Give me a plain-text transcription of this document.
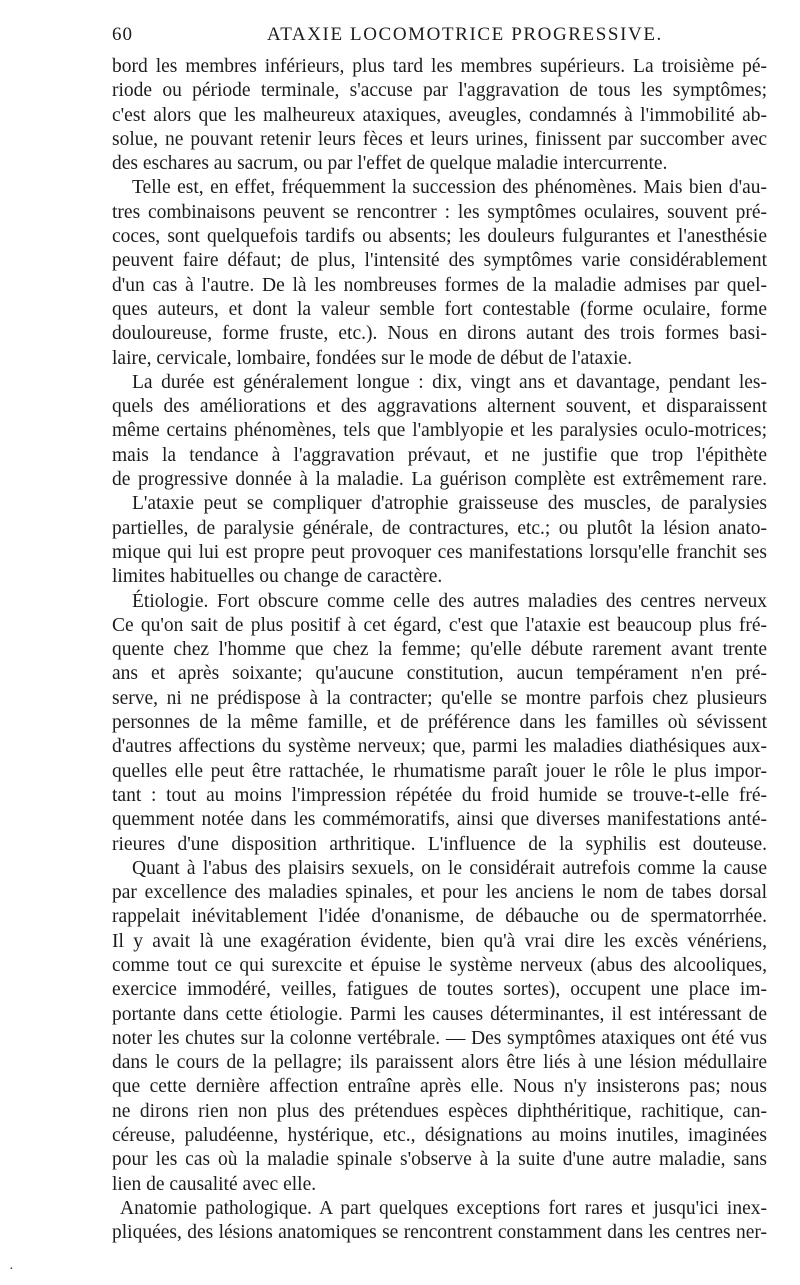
60	ATAXIE LOCOMOTRICE PROGRESSIVE.
bord les membres inférieurs, plus tard les membres supérieurs. La troisième pé-
riode ou période terminale, s'accuse par l'aggravation de tous les symptômes;
c'est alors que les malheureux ataxiques, aveugles, condamnés à l'immobilité ab-
solue, ne pouvant retenir leurs fèces et leurs urines, finissent par succomber avec
des eschares au sacrum, ou par l'effet de quelque maladie intercurrente.
Telle est, en effet, fréquemment la succession des phénomènes. Mais bien d'au-
tres combinaisons peuvent se rencontrer : les symptômes oculaires, souvent pré-
coces, sont quelquefois tardifs ou absents; les douleurs fulgurantes et l'anesthésie
peuvent faire défaut; de plus, l'intensité des symptômes varie considérablement
d'un cas à l'autre. De là les nombreuses formes de la maladie admises par quel-
ques auteurs, et dont la valeur semble fort contestable (forme oculaire, forme
douloureuse, forme fruste, etc.). Nous en dirons autant des trois formes basi-
laire, cervicale, lombaire, fondées sur le mode de début de l'ataxie.
La durée est généralement longue : dix, vingt ans et davantage, pendant les-
quels des améliorations et des aggravations alternent souvent, et disparaissent
même certains phénomènes, tels que l'amblyopie et les paralysies oculo-motrices;
mais la tendance à l'aggravation prévaut, et ne justifie que trop l'épithète
de progressive donnée à la maladie. La guérison complète est extrêmement rare.
L'ataxie peut se compliquer d'atrophie graisseuse des muscles, de paralysies
partielles, de paralysie générale, de contractures, etc.; ou plutôt la lésion anato-
mique qui lui est propre peut provoquer ces manifestations lorsqu'elle franchit ses
limites habituelles ou change de caractère.
Étiologie. Fort obscure comme celle des autres maladies des centres nerveux
Ce qu'on sait de plus positif à cet égard, c'est que l'ataxie est beaucoup plus fré-
quente chez l'homme que chez la femme; qu'elle débute rarement avant trente
ans et après soixante; qu'aucune constitution, aucun tempérament n'en pré-
serve, ni ne prédispose à la contracter; qu'elle se montre parfois chez plusieurs
personnes de la même famille, et de préférence dans les familles où sévissent
d'autres affections du système nerveux; que, parmi les maladies diathésiques aux-
quelles elle peut être rattachée, le rhumatisme paraît jouer le rôle le plus impor-
tant : tout au moins l'impression répétée du froid humide se trouve-t-elle fré-
quemment notée dans les commémoratifs, ainsi que diverses manifestations anté-
rieures d'une disposition arthritique. L'influence de la syphilis est douteuse.
Quant à l'abus des plaisirs sexuels, on le considérait autrefois comme la cause
par excellence des maladies spinales, et pour les anciens le nom de tabes dorsal
rappelait inévitablement l'idée d'onanisme, de débauche ou de spermatorrhée.
Il y avait là une exagération évidente, bien qu'à vrai dire les excès vénériens,
comme tout ce qui surexcite et épuise le système nerveux (abus des alcooliques,
exercice immodéré, veilles, fatigues de toutes sortes), occupent une place im-
portante dans cette étiologie. Parmi les causes déterminantes, il est intéressant de
noter les chutes sur la colonne vertébrale. — Des symptômes ataxiques ont été vus
dans le cours de la pellagre; ils paraissent alors être liés à une lésion médullaire
que cette dernière affection entraîne après elle. Nous n'y insisterons pas; nous
ne dirons rien non plus des prétendues espèces diphthéritique, rachitique, can-
céreuse, paludéenne, hystérique, etc., désignations au moins inutiles, imaginées
pour les cas où la maladie spinale s'observe à la suite d'une autre maladie, sans
lien de causalité avec elle.
Anatomie pathologique. A part quelques exceptions fort rares et jusqu'ici inex-
pliquées, des lésions anatomiques se rencontrent constamment dans les centres ner-
·
